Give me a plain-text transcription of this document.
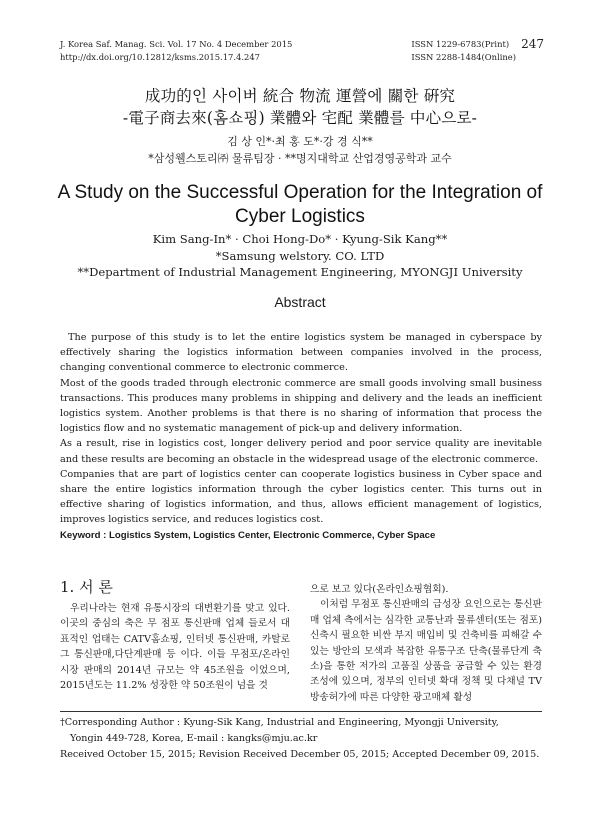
J. Korea Saf. Manag. Sci. Vol. 17 No. 4 December 2015
http://dx.doi.org/10.12812/ksms.2015.17.4.247
ISSN 1229-6783(Print)
ISSN 2288-1484(Online)
247
成功的인 사이버 統合 物流 運營에 關한 硏究
-電子商去來(홈쇼핑) 業體와 宅配 業體를 中心으로-
김 상 인*·최 홍 도*·강 경 식**
*삼성웰스토리㈜ 물류팀장 · **명지대학교 산업경영공학과 교수
A Study on the Successful Operation for the Integration of
Cyber Logistics
Kim Sang-In* · Choi Hong-Do* · Kyung-Sik Kang**
*Samsung welstory. CO. LTD
**Department of Industrial Management Engineering, MYONGJI University
Abstract

The purpose of this study is to let the entire logistics system be managed in cyberspace by effectively sharing the logistics information between companies involved in the process, changing conventional commerce to electronic commerce.

Most of the goods traded through electronic commerce are small goods involving small business transactions. This produces many problems in shipping and delivery and the leads an inefficient logistics system. Another problems is that there is no sharing of information that process the logistics flow and no systematic management of pick-up and delivery information.

As a result, rise in logistics cost, longer delivery period and poor service quality are inevitable and these results are becoming an obstacle in the widespread usage of the electronic commerce.

Companies that are part of logistics center can cooperate logistics business in Cyber space and share the entire logistics information through the cyber logistics center. This turns out in effective sharing of logistics information, and thus, allows efficient management of logistics, improves logistics service, and reduces logistics cost.

Keyword : Logistics System, Logistics Center, Electronic Commerce, Cyber Space

1. 서 론

우리나라는 현재 유통시장의 대변환기를 맞고 있다. 이곳의 중심의 축은 무 점포 통신판매 업체 들로서 대표적인 업태는 CATV홈쇼핑, 인터넷 통신판매, 카탈로그 통신판매,다단계판매 등 이다. 이들 무점포/온라인 시장 판매의 2014년 규모는 약 45조원을 이었으며, 2015년도는 11.2% 성장한 약 50조원이 넘을 것

으로 보고 있다(온라인쇼핑협회).

이처럼 무점포 통신판매의 급성장 요인으로는 통신판매 업체 측에서는 심각한 교통난과 물류센터(또는 점포) 신축시 필요한 비싼 부지 매입비 및 건축비를 피해갈 수 있는 방안의 모색과 복잡한 유통구조 단축(물류단계 축소)을 통한 저가의 고품질 상품을 공급할 수 있는 환경조성에 있으며, 정부의 인터넷 확대 정책 및 다채널 TV방송허가에 따른 다양한 광고매체 활성

†Corresponding Author : Kyung-Sik Kang, Industrial and Engineering, Myongji University,
Yongin 449-728, Korea, E-mail : kangks@mju.ac.kr
Received October 15, 2015; Revision Received December 05, 2015; Accepted December 09, 2015.
